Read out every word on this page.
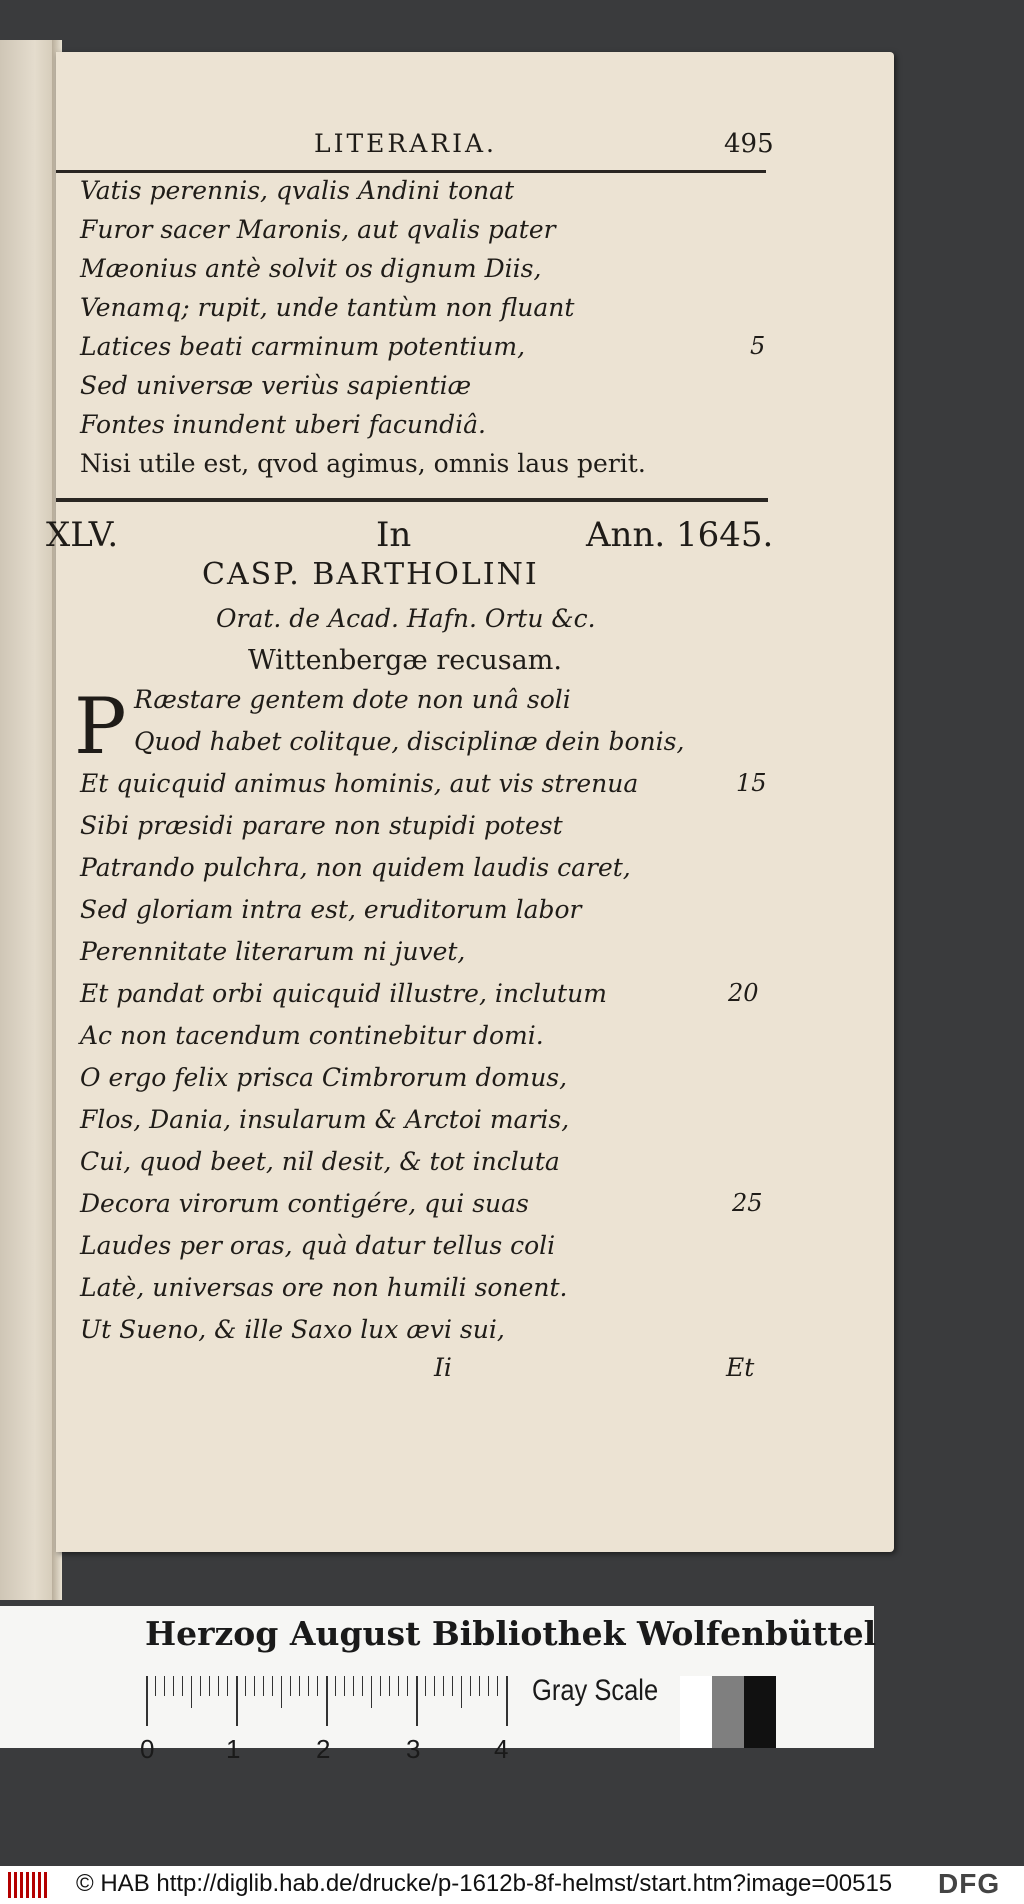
LITERARIA.	495
Vatis perennis, qvalis Andini tonat
Furor sacer Maronis, aut qvalis pater
Mæonius antè solvit os dignum Diis,
Venamq; rupit, unde tantùm non fluant
Latices beati carminum potentium,	5
Sed universæ veriùs sapientiæ
Fontes inundent uberi facundiâ.
Nisi utile est, qvod agimus, omnis laus perit.
XLV.	In	Ann. 1645.
CASP. BARTHOLINI
Orat. de Acad. Hafn. Ortu &c.
Wittenbergæ recusam.
P Ræstare gentem dote non unâ soli
Quod habet colitque, disciplinæ dein bonis,
Et quicquid animus hominis, aut vis strenua	15
Sibi præsidi parare non stupidi potest
Patrando pulchra, non quidem laudis caret,
Sed gloriam intra est, eruditorum labor
Perennitate literarum ni juvet,
Et pandat orbi quicquid illustre, inclutum	20
Ac non tacendum continebitur domi.
O ergo felix prisca Cimbrorum domus,
Flos, Dania, insularum & Arctoi maris,
Cui, quod beet, nil desit, & tot incluta
Decora virorum contigére, qui suas	25
Laudes per oras, quà datur tellus coli
Latè, universas ore non humili sonent.
Ut Sueno, & ille Saxo lux ævi sui,
Ii	Et
Herzog August Bibliothek Wolfenbüttel
0	1	2	3	4
Gray Scale
© HAB http://diglib.hab.de/drucke/p-1612b-8f-helmst/start.htm?image=00515 DFG
